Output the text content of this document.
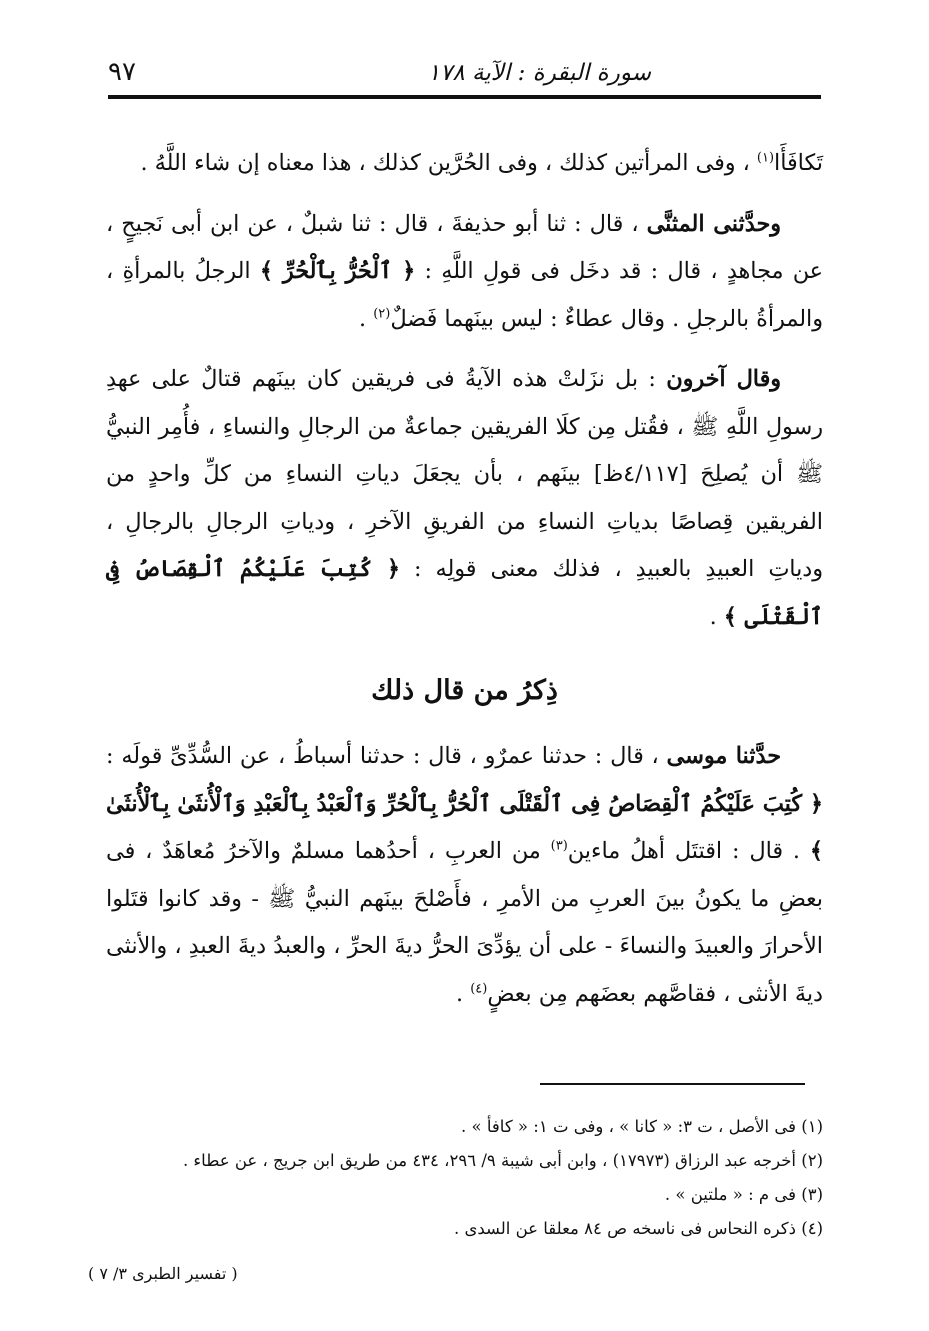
٩٧	سورة البقرة : الآية ١٧٨

تَكافَأَا$^{(١)}$ ، وفى المرأتين كذلك ، وفى الحُرَّين كذلك ، هذا معناه إن شاء اللَّهُ .

وحدَّثنى المثنَّى ، قال : ثنا أبو حذيفةَ ، قال : ثنا شبلٌ ، عن ابن أبى نَجيحٍ ، عن مجاهدٍ ، قال : قد دخَل فى قولِ اللَّهِ : ﴿ ٱلْحُرُّ بِٱلْحُرِّ ﴾ الرجلُ بالمرأةِ ، والمرأةُ بالرجلِ . وقال عطاءٌ : ليس بينَهما فَضلٌ$^{(٢)}$ .

وقال آخرون : بل نزَلتْ هذه الآيةُ فى فريقين كان بينَهم قتالٌ على عهدِ رسولِ اللَّهِ ﷺ ، فقُتل مِن كلَا الفريقين جماعةٌ من الرجالِ والنساءِ ، فأُمِر النبيُّ ﷺ أن يُصلِحَ [٤/١١٧ظ] بينَهم ، بأن يجعَلَ دياتِ النساءِ من كلِّ واحدٍ من الفريقين قِصاصًا بدياتِ النساءِ من الفريقِ الآخرِ ، ودياتِ الرجالِ بالرجالِ ، ودياتِ العبيدِ بالعبيدِ ، فذلك معنى قولِه : ﴿ كُتِبَ عَلَيْكُمُ ٱلْقِصَاصُ فِى ٱلْقَتْلَى ﴾ .

ذِكرُ من قال ذلك

حدَّثنا موسى ، قال : حدثنا عمرٌو ، قال : حدثنا أسباطُ ، عن السُّدِّىِّ قولَه : ﴿ كُتِبَ عَلَيْكُمُ ٱلْقِصَاصُ فِى ٱلْقَتْلَى ٱلْحُرُّ بِٱلْحُرِّ وَٱلْعَبْدُ بِٱلْعَبْدِ وَٱلْأُنثَىٰ بِٱلْأُنثَىٰ ﴾ . قال : اقتتَل أهلُ ماءين$^{(٣)}$ من العربِ ، أحدُهما مسلمٌ والآخرُ مُعاهَدٌ ، فى بعضِ ما يكونُ بينَ العربِ من الأمرِ ، فأَصْلحَ بينَهم النبيُّ ﷺ - وقد كانوا قتَلوا الأحرارَ والعبيدَ والنساءَ - على أن يؤدِّىَ الحرُّ ديةَ الحرِّ ، والعبدُ ديةَ العبدِ ، والأنثى ديةَ الأنثى ، فقاصَّهم بعضَهم مِن بعضٍ$^{(٤)}$ .

(١) فى الأصل ، ت ٣: « كانا » ، وفى ت ١: « كافأ » .
(٢) أخرجه عبد الرزاق (١٧٩٧٣) ، وابن أبى شيبة ٩/ ٢٩٦، ٤٣٤ من طريق ابن جريج ، عن عطاء .
(٣) فى م : « ملتين » .
(٤) ذكره النحاس فى ناسخه ص ٨٤ معلقا عن السدى .
( تفسير الطبرى ٣/ ٧ )
